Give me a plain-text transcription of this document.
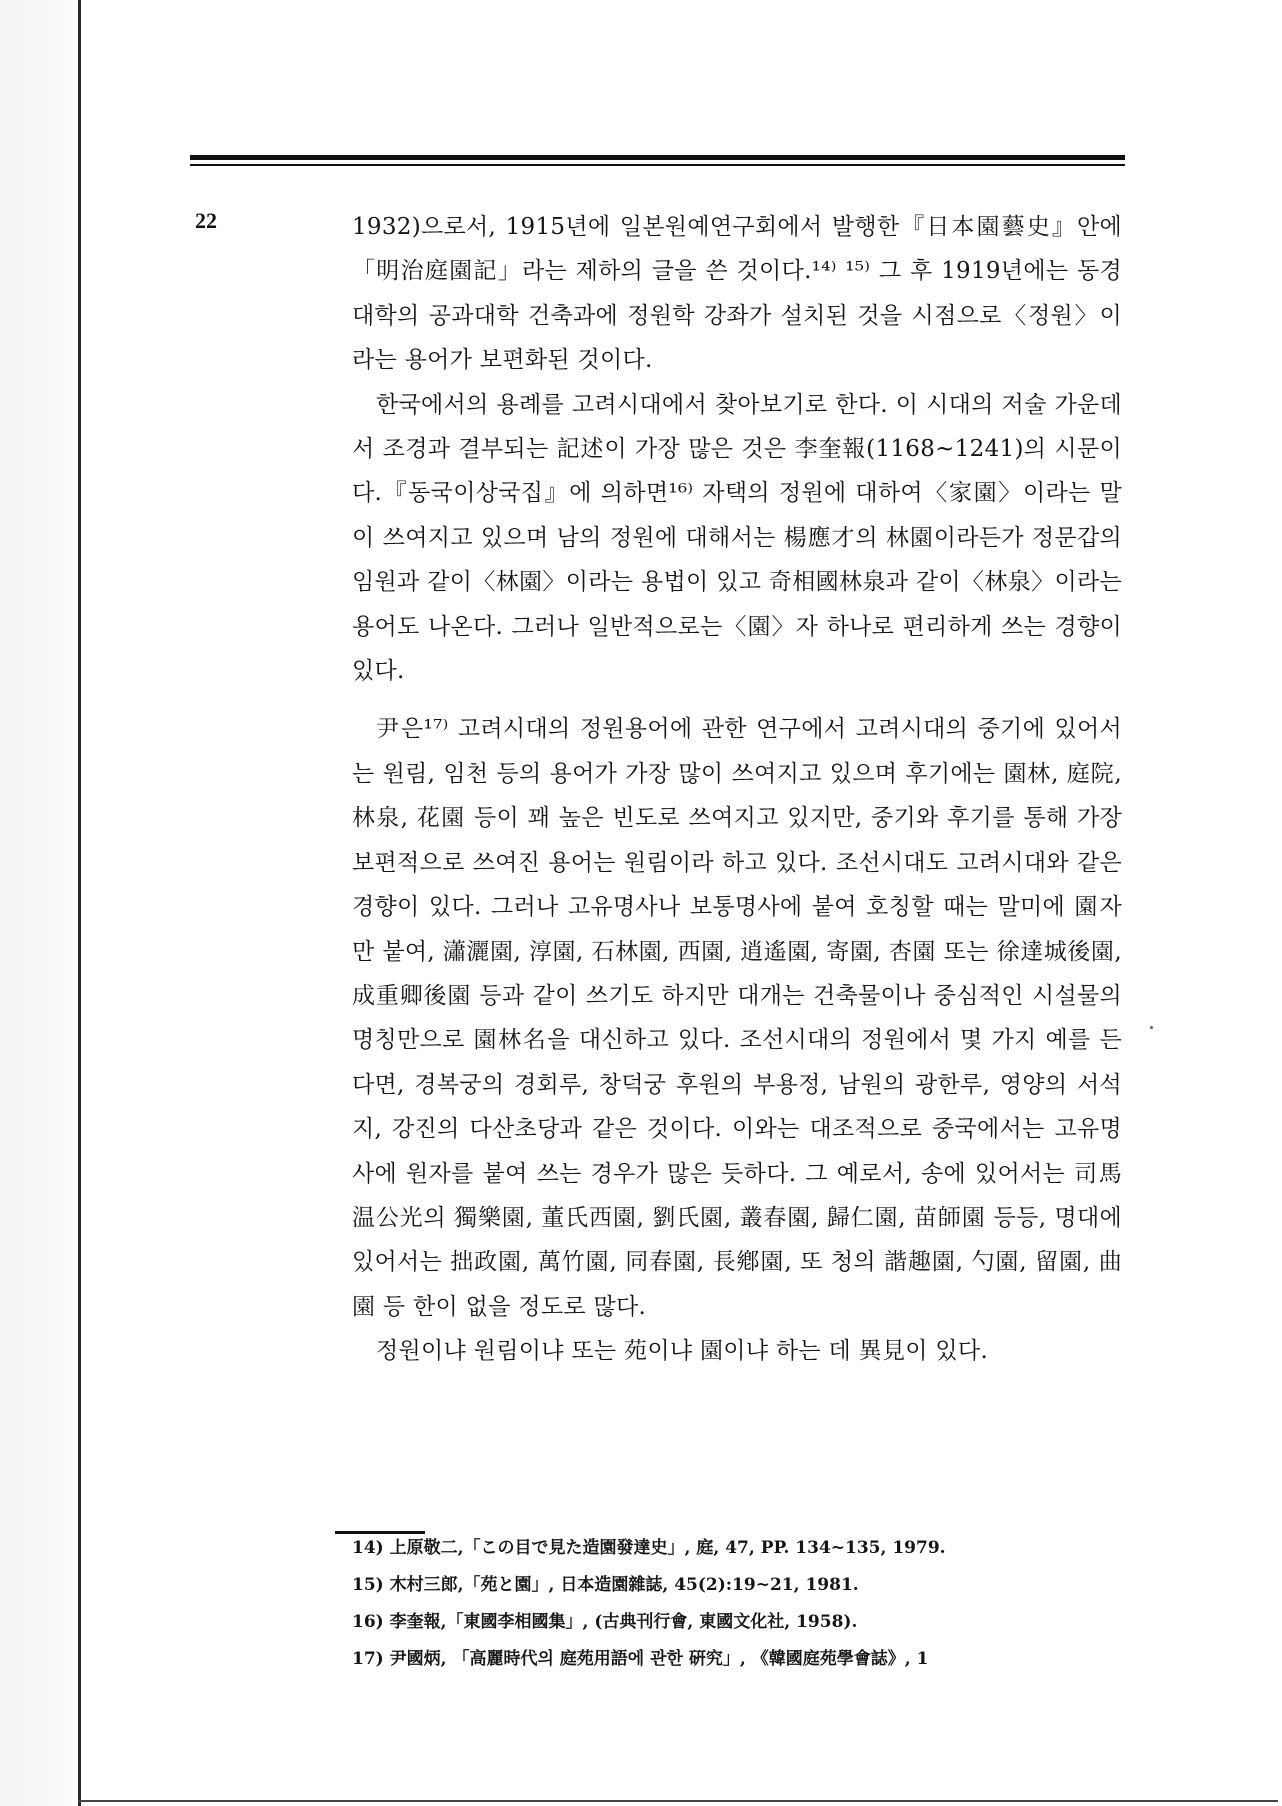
22	1932)으로서, 1915년에 일본원예연구회에서 발행한『日本園藝史』안에「明治庭園記」라는 제하의 글을 쓴 것이다.¹⁴⁾ ¹⁵⁾ 그 후 1919년에는 동경대학의 공과대학 건축과에 정원학 강좌가 설치된 것을 시점으로〈정원〉이라는 용어가 보편화된 것이다.

한국에서의 용례를 고려시대에서 찾아보기로 한다. 이 시대의 저술 가운데서 조경과 결부되는 記述이 가장 많은 것은 李奎報(1168~1241)의 시문이다.『동국이상국집』에 의하면¹⁶⁾ 자택의 정원에 대하여〈家園〉이라는 말이 쓰여지고 있으며 남의 정원에 대해서는 楊應才의 林園이라든가 정문갑의 임원과 같이〈林園〉이라는 용법이 있고 奇相國林泉과 같이〈林泉〉이라는 용어도 나온다. 그러나 일반적으로는〈園〉자 하나로 편리하게 쓰는 경향이 있다.

尹은¹⁷⁾ 고려시대의 정원용어에 관한 연구에서 고려시대의 중기에 있어서는 원림, 임천 등의 용어가 가장 많이 쓰여지고 있으며 후기에는 園林, 庭院, 林泉, 花園 등이 꽤 높은 빈도로 쓰여지고 있지만, 중기와 후기를 통해 가장 보편적으로 쓰여진 용어는 원림이라 하고 있다. 조선시대도 고려시대와 같은 경향이 있다. 그러나 고유명사나 보통명사에 붙여 호칭할 때는 말미에 園자만 붙여, 瀟灑園, 淳園, 石林園, 西園, 逍遙園, 寄園, 杏園 또는 徐達城後園, 成重卿後園 등과 같이 쓰기도 하지만 대개는 건축물이나 중심적인 시설물의 명칭만으로 園林名을 대신하고 있다. 조선시대의 정원에서 몇 가지 예를 든다면, 경복궁의 경회루, 창덕궁 후원의 부용정, 남원의 광한루, 영양의 서석지, 강진의 다산초당과 같은 것이다. 이와는 대조적으로 중국에서는 고유명사에 원자를 붙여 쓰는 경우가 많은 듯하다. 그 예로서, 송에 있어서는 司馬温公光의 獨樂園, 董氏西園, 劉氏園, 叢春園, 歸仁園, 苗師園 등등, 명대에 있어서는 拙政園, 萬竹園, 同春園, 長鄕園, 또 청의 諧趣園, 勺園, 留園, 曲園 등 한이 없을 정도로 많다.

정원이냐 원림이냐 또는 苑이냐 園이냐 하는 데 異見이 있다.

14) 上原敬二,「この目で見た造園發達史」, 庭, 47, PP. 134~135, 1979.

15) 木村三郎,「苑と園」, 日本造園雜誌, 45(2):19~21, 1981.

16) 李奎報,「東國李相國集」, (古典刊行會, 東國文化社, 1958).

17) 尹國炳, 「高麗時代의 庭苑用語에 관한 硏究」, 《韓國庭苑學會誌》, 1
